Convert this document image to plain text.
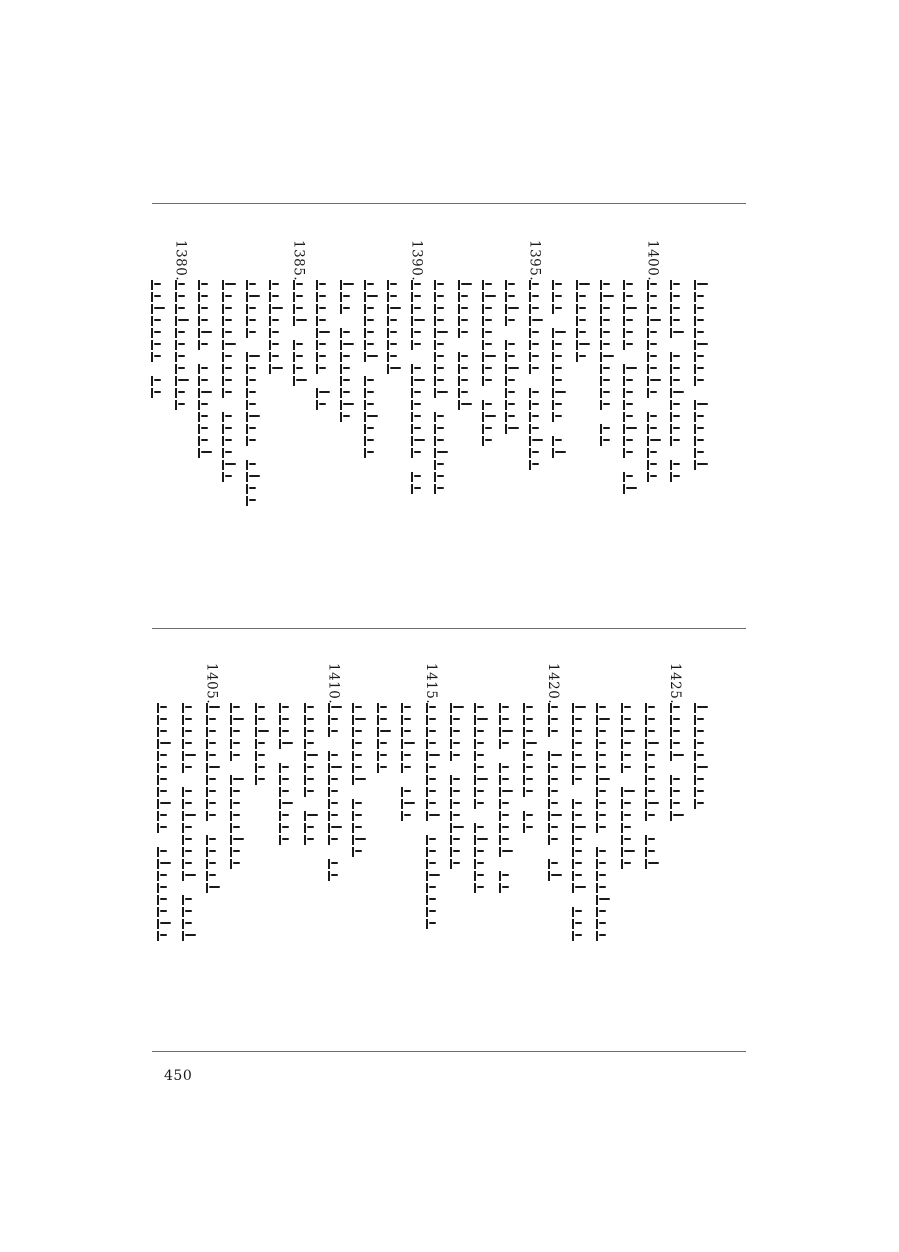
1400.
1395.
1390.
1385.
1380.
1425.
1420.
1415.
1410.
1405.
450
